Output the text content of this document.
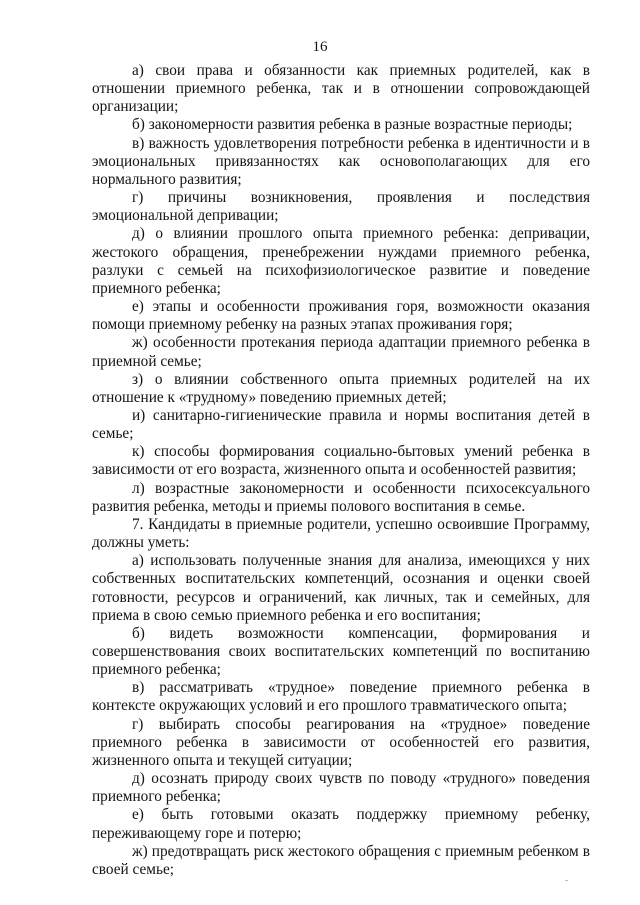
16

а) свои права и обязанности как приемных родителей, как в отношении приемного ребенка, так и в отношении сопровождающей организации;

б) закономерности развития ребенка в разные возрастные периоды;

в) важность удовлетворения потребности ребенка в идентичности и в эмоциональных привязанностях как основополагающих для его нормального развития;

г) причины возникновения, проявления и последствия эмоциональной депривации;

д) о влиянии прошлого опыта приемного ребенка: депривации, жестокого обращения, пренебрежении нуждами приемного ребенка, разлуки с семьей на психофизиологическое развитие и поведение приемного ребенка;

е) этапы и особенности проживания горя, возможности оказания помощи приемному ребенку на разных этапах проживания горя;

ж) особенности протекания периода адаптации приемного ребенка в приемной семье;

з) о влиянии собственного опыта приемных родителей на их отношение к «трудному» поведению приемных детей;

и) санитарно-гигиенические правила и нормы воспитания детей в семье;

к) способы формирования социально-бытовых умений ребенка в зависимости от его возраста, жизненного опыта и особенностей развития;

л) возрастные закономерности и особенности психосексуального развития ребенка, методы и приемы полового воспитания в семье.

7. Кандидаты в приемные родители, успешно освоившие Программу, должны уметь:

а) использовать полученные знания для анализа, имеющихся у них собственных воспитательских компетенций, осознания и оценки своей готовности, ресурсов и ограничений, как личных, так и семейных, для приема в свою семью приемного ребенка и его воспитания;

б) видеть возможности компенсации, формирования и совершенствования своих воспитательских компетенций по воспитанию приемного ребенка;

в) рассматривать «трудное» поведение приемного ребенка в контексте окружающих условий и его прошлого травматического опыта;

г) выбирать способы реагирования на «трудное» поведение приемного ребенка в зависимости от особенностей его развития, жизненного опыта и текущей ситуации;

д) осознать природу своих чувств по поводу «трудного» поведения приемного ребенка;

е) быть готовыми оказать поддержку приемному ребенку, переживающему горе и потерю;

ж) предотвращать риск жестокого обращения с приемным ребенком в своей семье;
